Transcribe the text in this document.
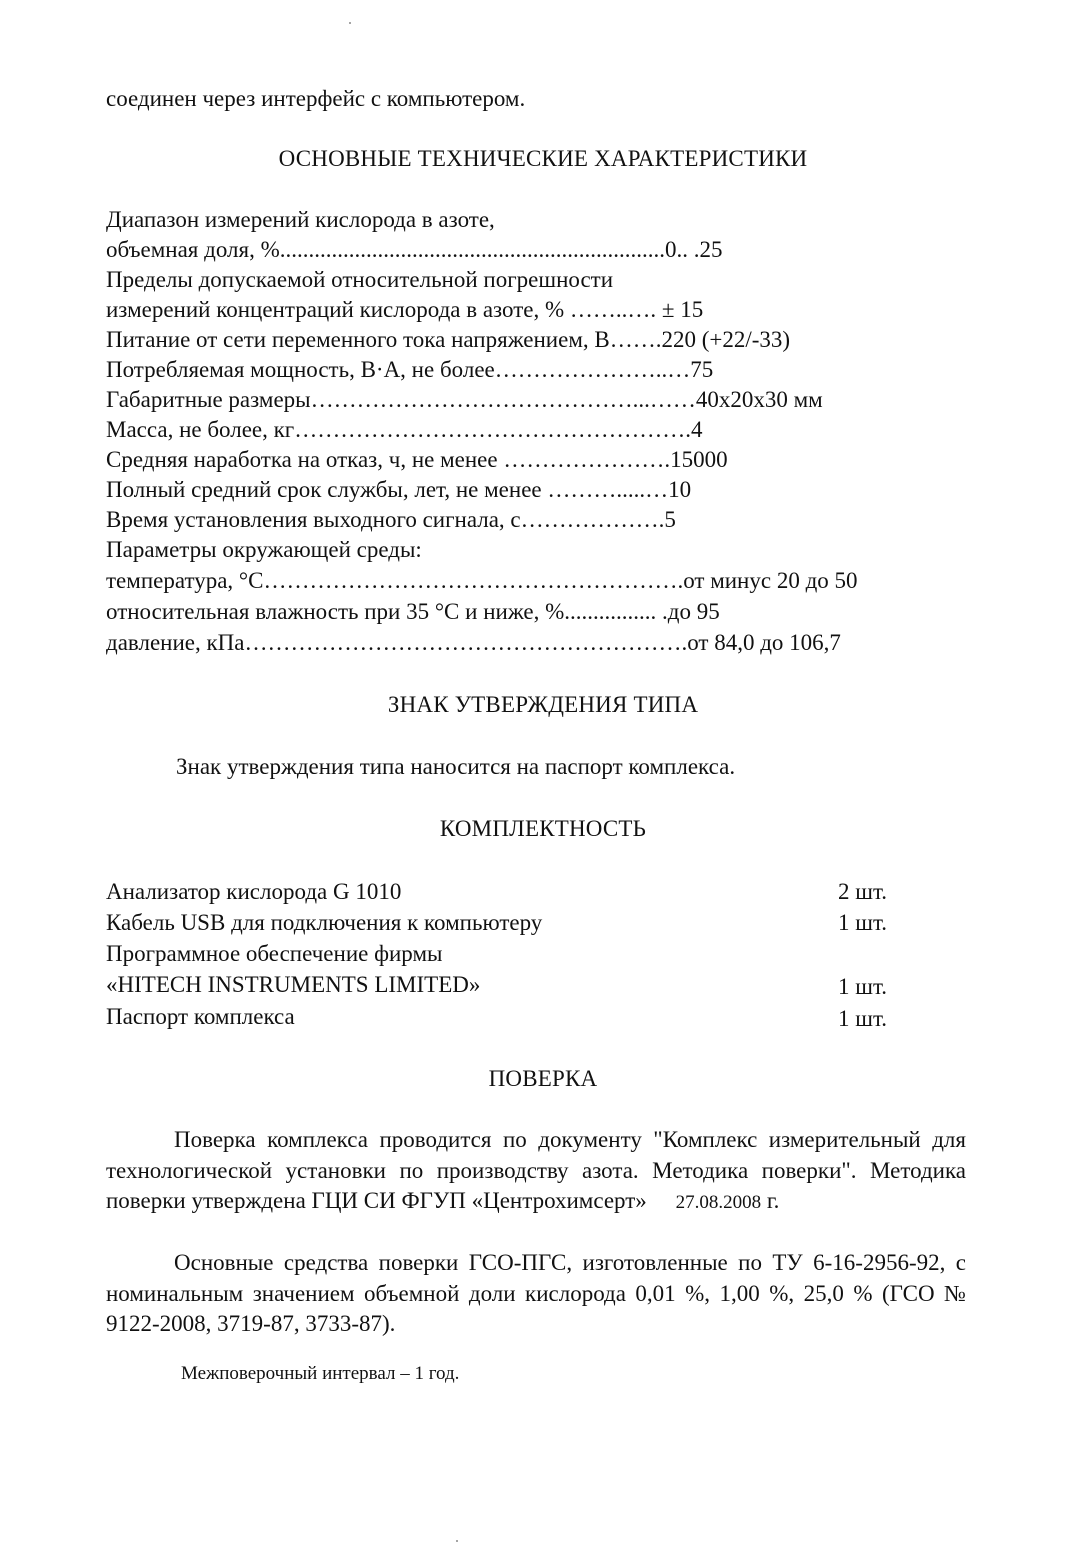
соединен через интерфейс с компьютером.
ОСНОВНЫЕ ТЕХНИЧЕСКИЕ ХАРАКТЕРИСТИКИ
Диапазон измерений кислорода в азоте,
объемная доля, %...................................................................0.. .25
Пределы допускаемой относительной погрешности
измерений концентраций кислорода в азоте, % ……..…. ± 15
Питание от сети переменного тока напряжением, В…….220 (+22/-33)
Потребляемая мощность, В·А, не более…………………..…75
Габаритные размеры……………………………………...……40x20x30 мм
Масса, не более, кг…………………………………………….4
Средняя наработка на отказ, ч, не менее ………………….15000
Полный средний срок службы, лет, не менее ……….....…10
Время установления выходного сигнала, с……………….5
Параметры окружающей среды:
температура, °С……………………………………………….от минус 20 до 50
относительная влажность при 35 °С и ниже, %................ .до 95
давление, кПа………………………………………………….от 84,0 до 106,7
ЗНАК УТВЕРЖДЕНИЯ ТИПА
Знак утверждения типа наносится на паспорт комплекса.
КОМПЛЕКТНОСТЬ
Анализатор кислорода G 1010	2 шт.
Кабель USB для подключения к компьютеру	1 шт.
Программное обеспечение фирмы
«HITECH INSTRUMENTS LIMITED»	1 шт.
Паспорт комплекса	1 шт.
ПОВЕРКА
Поверка комплекса проводится по документу "Комплекс измерительный для технологической установки по производству азота. Методика поверки". Методика поверки утверждена ГЦИ СИ ФГУП «Центрохимсерт» 27.08.2008 г.
Основные средства поверки ГСО-ПГС, изготовленные по ТУ 6-16-2956-92, с номинальным значением объемной доли кислорода 0,01 %, 1,00 %, 25,0 % (ГСО № 9122-2008, 3719-87, 3733-87).
Межповерочный интервал – 1 год.
